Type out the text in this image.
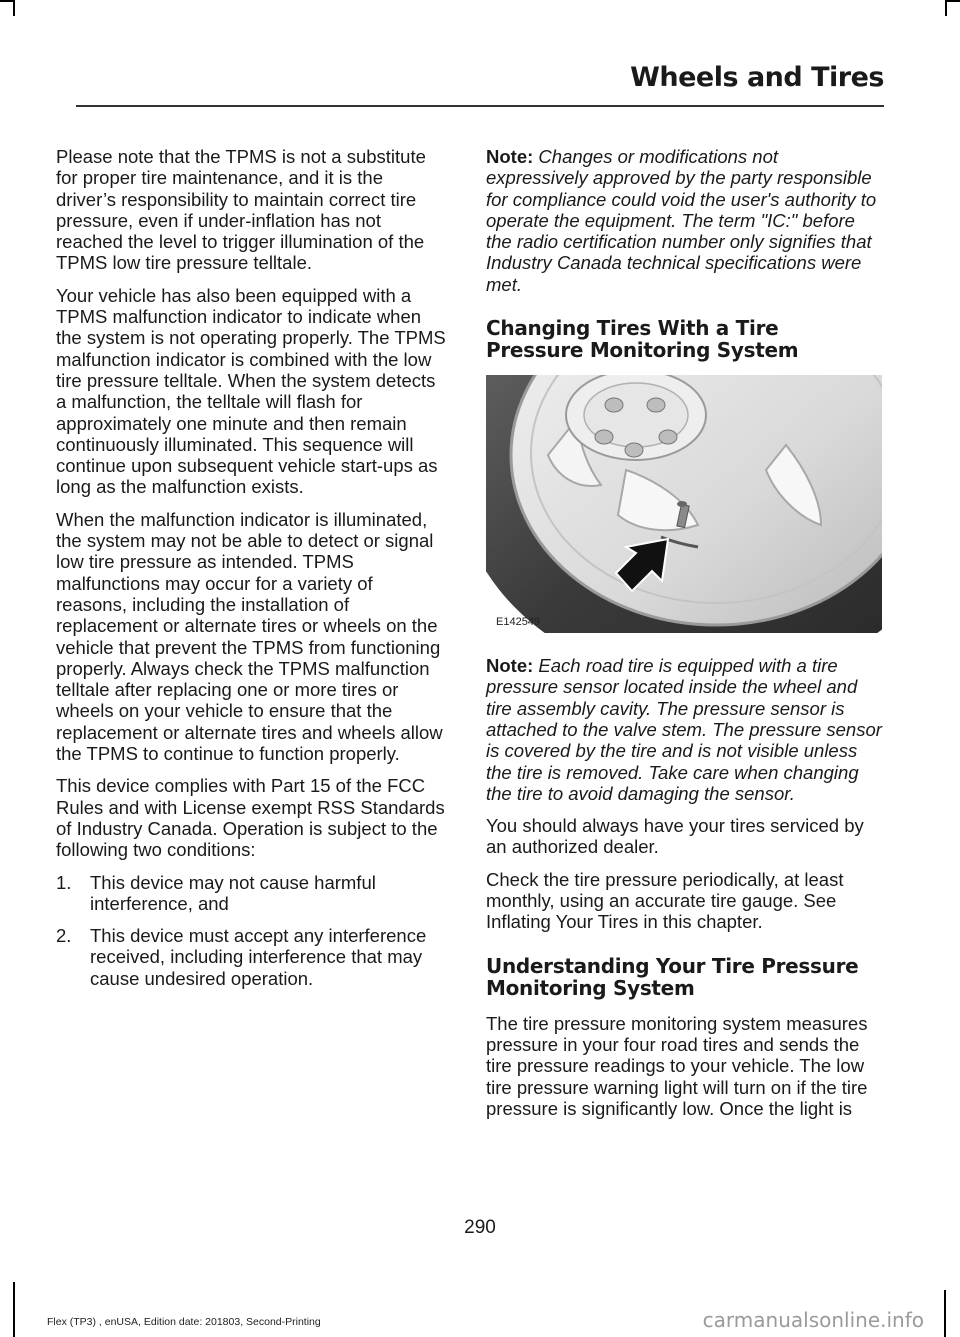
Wheels and Tires

Please note that the TPMS is not a substitute for proper tire maintenance, and it is the driver’s responsibility to maintain correct tire pressure, even if under-inflation has not reached the level to trigger illumination of the TPMS low tire pressure telltale.

Your vehicle has also been equipped with a TPMS malfunction indicator to indicate when the system is not operating properly. The TPMS malfunction indicator is combined with the low tire pressure telltale. When the system detects a malfunction, the telltale will flash for approximately one minute and then remain continuously illuminated. This sequence will continue upon subsequent vehicle start-ups as long as the malfunction exists.

When the malfunction indicator is illuminated, the system may not be able to detect or signal low tire pressure as intended. TPMS malfunctions may occur for a variety of reasons, including the installation of replacement or alternate tires or wheels on the vehicle that prevent the TPMS from functioning properly. Always check the TPMS malfunction telltale after replacing one or more tires or wheels on your vehicle to ensure that the replacement or alternate tires and wheels allow the TPMS to continue to function properly.

This device complies with Part 15 of the FCC Rules and with License exempt RSS Standards of Industry Canada. Operation is subject to the following two conditions:

1. This device may not cause harmful interference, and
2. This device must accept any interference received, including interference that may cause undesired operation.

Note: Changes or modifications not expressively approved by the party responsible for compliance could void the user's authority to operate the equipment. The term "IC:" before the radio certification number only signifies that Industry Canada technical specifications were met.

Changing Tires With a Tire Pressure Monitoring System
E142549

Note: Each road tire is equipped with a tire pressure sensor located inside the wheel and tire assembly cavity. The pressure sensor is attached to the valve stem. The pressure sensor is covered by the tire and is not visible unless the tire is removed. Take care when changing the tire to avoid damaging the sensor.

You should always have your tires serviced by an authorized dealer.

Check the tire pressure periodically, at least monthly, using an accurate tire gauge. See Inflating Your Tires in this chapter.

Understanding Your Tire Pressure Monitoring System

The tire pressure monitoring system measures pressure in your four road tires and sends the tire pressure readings to your vehicle. The low tire pressure warning light will turn on if the tire pressure is significantly low. Once the light is

290
Flex (TP3) , enUSA, Edition date: 201803, Second-Printing	carmanualsonline.info
